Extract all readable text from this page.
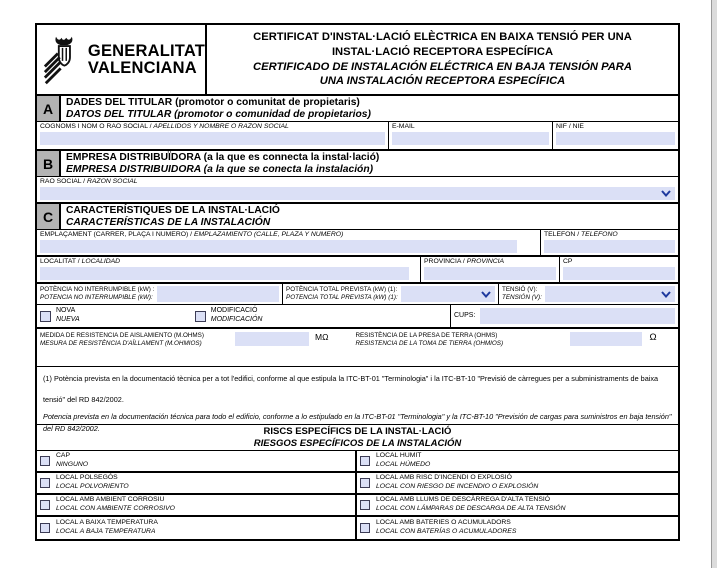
GENERALITAT
VALENCIANA
CERTIFICAT D'INSTAL·LACIÓ ELÈCTRICA EN BAIXA TENSIÓ PER UNA
INSTAL·LACIÓ RECEPTORA ESPECÍFICA
CERTIFICADO DE INSTALACIÓN ELÉCTRICA EN BAJA TENSIÓN PARA
UNA INSTALACIÓN RECEPTORA ESPECÍFICA
A	DADES DEL TITULAR (promotor o comunitat de propietaris)
DATOS DEL TITULAR (promotor o comunidad de propietarios)
COGNOMS I NOM O RAÓ SOCIAL / APELLIDOS Y NOMBRE O RAZÓN SOCIAL	E-MAIL	NIF / NIE
B	EMPRESA DISTRIBUÏDORA (a la que es connecta la instal·lació)
EMPRESA DISTRIBUIDORA (a la que se conecta la instalación)
RAÓ SOCIAL / RAZÓN SOCIAL
C	CARACTERÍSTIQUES DE LA INSTAL·LACIÓ
CARACTERÍSTICAS DE LA INSTALACIÓN
EMPLAÇAMENT (CARRER, PLAÇA I NÚMERO) / EMPLAZAMIENTO (CALLE, PLAZA Y NÚMERO)	TELÈFON / TELÉFONO
LOCALITAT / LOCALIDAD	PROVÍNCIA / PROVINCIA	CP
POTÈNCIA NO INTERRUMPIBLE (kW) :
POTENCIA NO INTERRUMPIBLE (kW):
POTÈNCIA TOTAL PREVISTA (kW) (1):
POTENCIA TOTAL PREVISTA (kW) (1):
TENSIÓ (V):
TENSIÓN (V):
NOVA
NUEVA
MODIFICACIÓ
MODIFICACIÓN
CUPS:
MEDIDA DE RESISTENCIA DE AISLAMIENTO (M.OHMS)
MESURA DE RESISTÈNCIA D'AÏLLAMENT (M.OHMIOS)
MΩ	RESISTÈNCIA DE LA PRESA DE TERRA (OHMS)
RESISTENCIA DE LA TOMA DE TIERRA (OHMIOS)
Ω
(1) Potència prevista en la documentació tècnica per a tot l'edifici, conforme al que estipula la ITC-BT-01 "Terminologia" i la ITC-BT-10 "Previsió de càrregues per a subministraments de baixa tensió" del RD 842/2002.
Potencia prevista en la documentación técnica para todo el edificio, conforme a lo estipulado en la ITC-BT-01 "Terminologia" y la ITC-BT-10 "Previsión de cargas para suministros en baja tensión" del RD 842/2002.	RISCS ESPECÍFICS DE LA INSTAL·LACIÓ
RIESGOS ESPECÍFICOS DE LA INSTALACIÓN
CAP
NINGUNO
LOCAL HUMIT
LOCAL HÚMEDO
LOCAL POLSEGÓS
LOCAL POLVORIENTO
LOCAL AMB RISC D'INCENDI O EXPLOSIÓ
LOCAL CON RIESGO DE INCENDIO O EXPLOSIÓN
LOCAL AMB AMBIENT CORROSIU
LOCAL CON AMBIENTE CORROSIVO
LOCAL AMB LLUMS DE DESCÀRREGA D'ALTA TENSIÓ
LOCAL CON LÁMPARAS DE DESCARGA DE ALTA TENSIÓN
LOCAL A BAIXA TEMPERATURA
LOCAL A BAJA TEMPERATURA
LOCAL AMB BATERIES O ACUMULADORS
LOCAL CON BATERÍAS O ACUMULADORES
